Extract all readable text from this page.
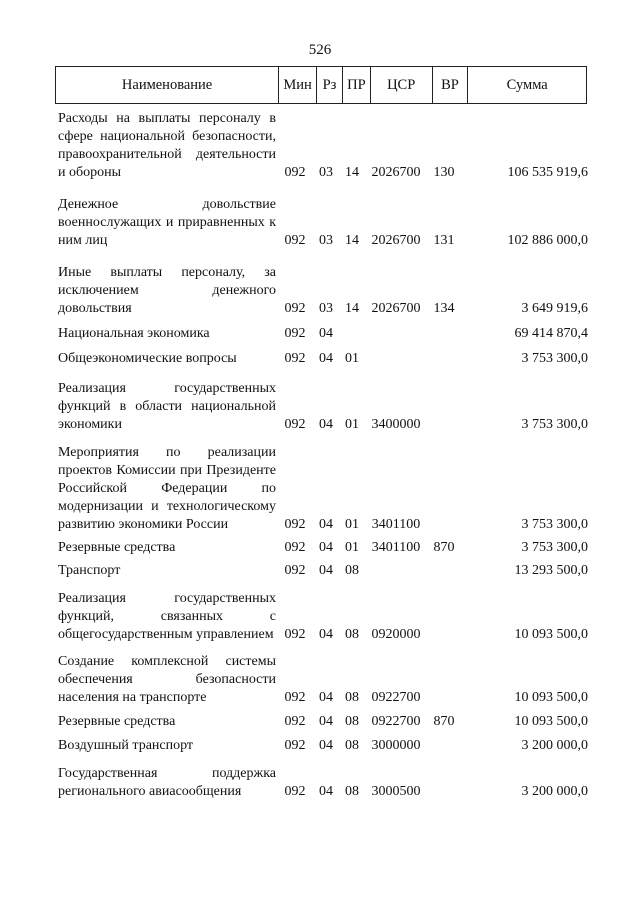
526
Наименование	Мин Рз ПР	ЦСР	ВР	Сумма
Расходы на выплаты персоналу в сфере национальной безопасности, правоохранительной деятельности и обороны	092 03 14 2026700 130	106 535 919,6
Денежное довольствие военнослужащих и приравненных к ним лиц	092 03 14 2026700 131	102 886 000,0
Иные выплаты персоналу, за исключением денежного довольствия	092 03 14 2026700 134	3 649 919,6
Национальная экономика	092 04	69 414 870,4
Общеэкономические вопросы	092 04 01	3 753 300,0
Реализация государственных функций в области национальной экономики	092 04 01 3400000	3 753 300,0
Мероприятия по реализации проектов Комиссии при Президенте Российской Федерации по модернизации и технологическому развитию экономики России	092 04 01 3401100	3 753 300,0
Резервные средства	092 04 01 3401100 870	3 753 300,0
Транспорт	092 04 08	13 293 500,0
Реализация государственных функций, связанных с общегосударственным управлением 092 04 08 0920000	10 093 500,0
Создание комплексной системы обеспечения безопасности населения на транспорте	092 04 08 0922700	10 093 500,0
Резервные средства	092 04 08 0922700 870	10 093 500,0
Воздушный транспорт	092 04 08 3000000	3 200 000,0
Государственная поддержка регионального авиасообщения	092 04 08 3000500	3 200 000,0
